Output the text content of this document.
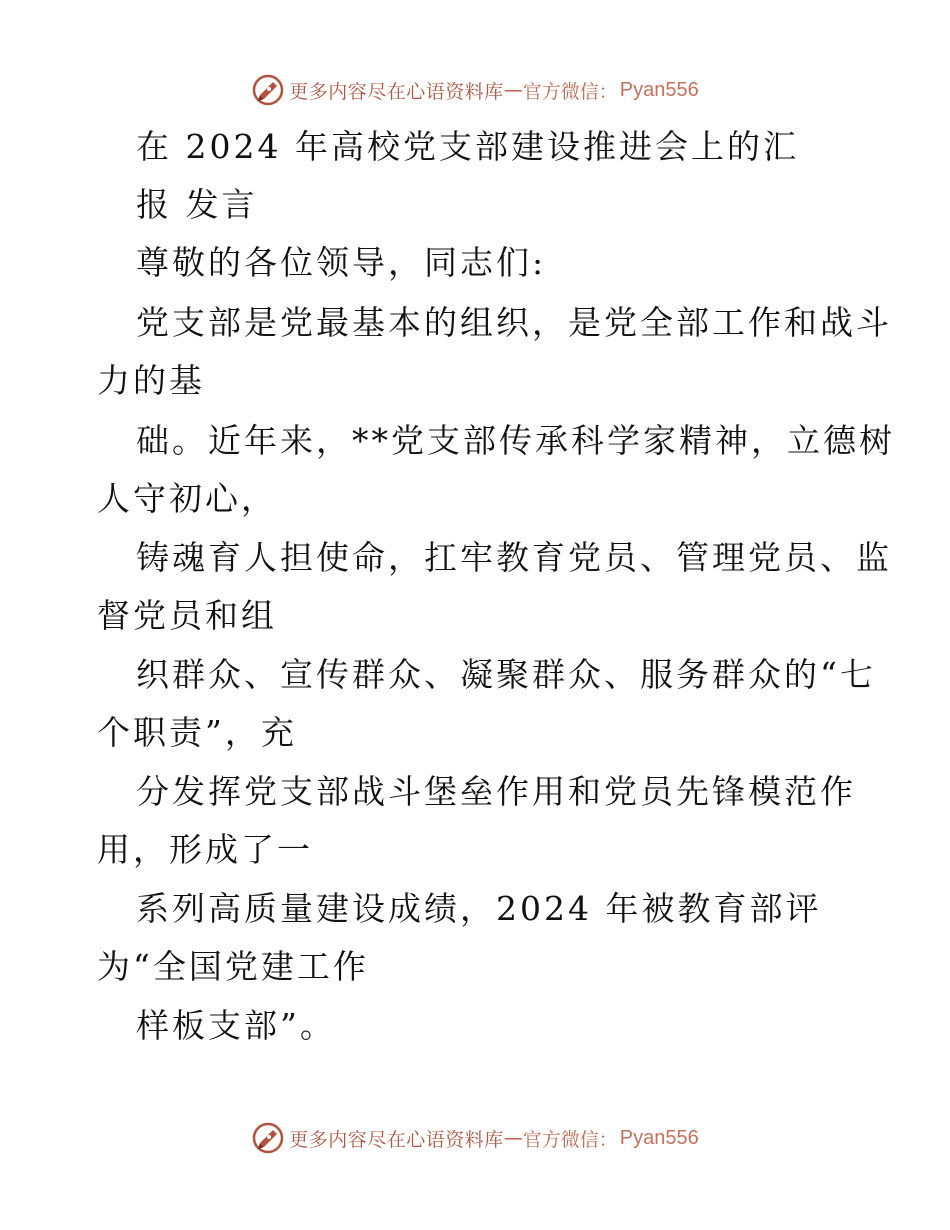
更多内容尽在心语资料库 — 官方微信： Pyan556
在 2024 年高校党支部建设推进会上的汇
报 发言
尊敬的各位领导，同志们:
党支部是党最基本的组织，是党全部工作和战斗
力的基
础。近年来，**党支部传承科学家精神，立德树
人守初心，
铸魂育人担使命，扛牢教育党员、管理党员、监
督党员和组
织群众、宣传群众、凝聚群众、服务群众的“七
个职责”，充
分发挥党支部战斗堡垒作用和党员先锋模范作
用，形成了一
系列高质量建设成绩，2024 年被教育部评
为“全国党建工作
样板支部”。
更多内容尽在心语资料库 — 官方微信： Pyan556
